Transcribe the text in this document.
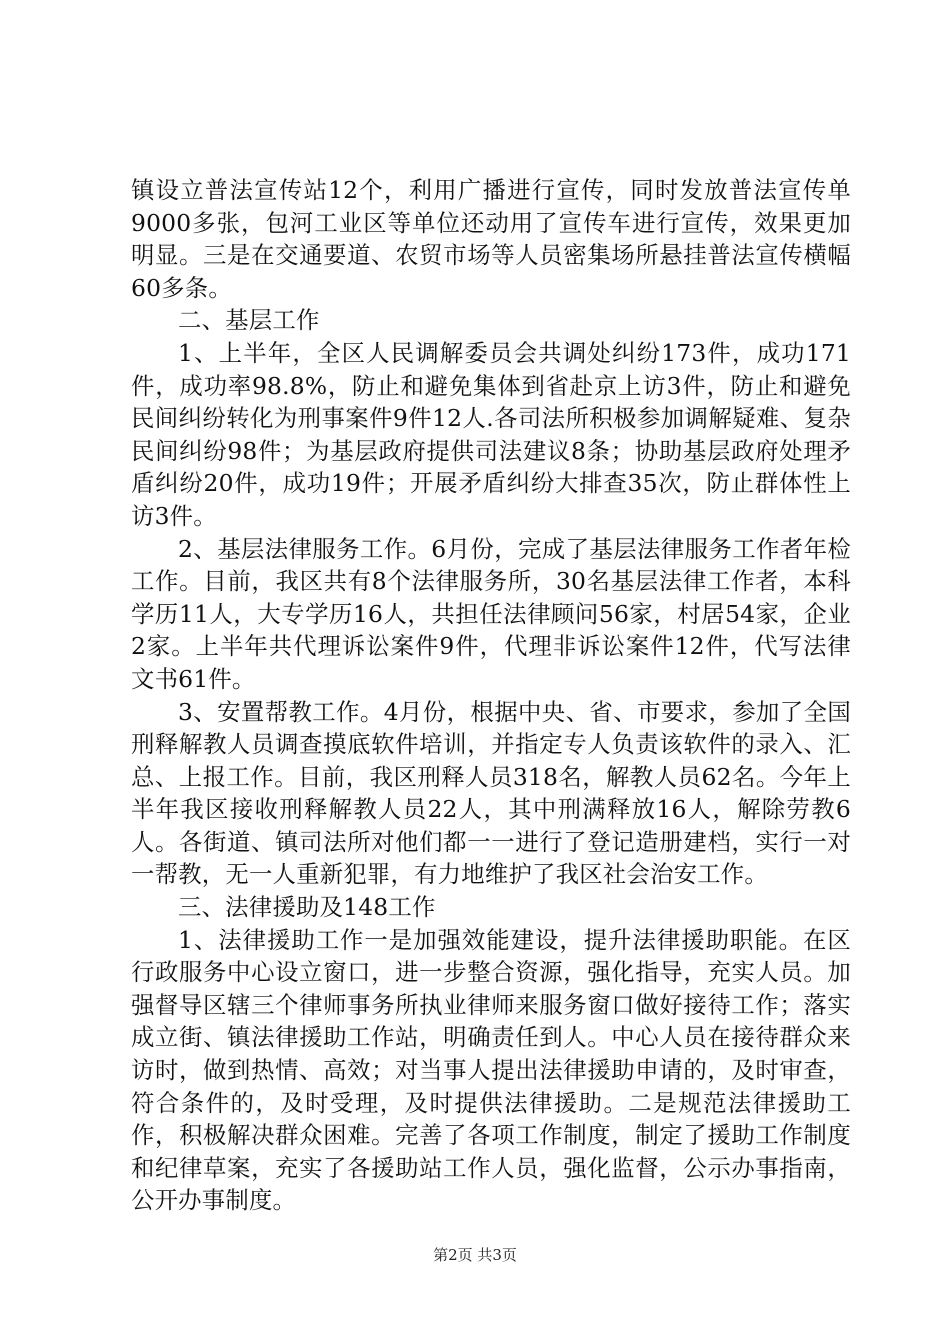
镇设立普法宣传站12个，利用广播进行宣传，同时发放普法宣传单9000多张，包河工业区等单位还动用了宣传车进行宣传，效果更加明显。三是在交通要道、农贸市场等人员密集场所悬挂普法宣传横幅60多条。

二、基层工作

1、上半年，全区人民调解委员会共调处纠纷173件，成功171件，成功率98.8%，防止和避免集体到省赴京上访3件，防止和避免民间纠纷转化为刑事案件9件12人.各司法所积极参加调解疑难、复杂民间纠纷98件；为基层政府提供司法建议8条；协助基层政府处理矛盾纠纷20件，成功19件；开展矛盾纠纷大排查35次，防止群体性上访3件。

2、基层法律服务工作。6月份，完成了基层法律服务工作者年检工作。目前，我区共有8个法律服务所，30名基层法律工作者，本科学历11人，大专学历16人，共担任法律顾问56家，村居54家，企业2家。上半年共代理诉讼案件9件，代理非诉讼案件12件，代写法律文书61件。

3、安置帮教工作。4月份，根据中央、省、市要求，参加了全国刑释解教人员调查摸底软件培训，并指定专人负责该软件的录入、汇总、上报工作。目前，我区刑释人员318名，解教人员62名。今年上半年我区接收刑释解教人员22人，其中刑满释放16人，解除劳教6人。各街道、镇司法所对他们都一一进行了登记造册建档，实行一对一帮教，无一人重新犯罪，有力地维护了我区社会治安工作。

三、法律援助及148工作

1、法律援助工作一是加强效能建设，提升法律援助职能。在区行政服务中心设立窗口，进一步整合资源，强化指导，充实人员。加强督导区辖三个律师事务所执业律师来服务窗口做好接待工作；落实成立街、镇法律援助工作站，明确责任到人。中心人员在接待群众来访时，做到热情、高效；对当事人提出法律援助申请的，及时审查，符合条件的，及时受理，及时提供法律援助。二是规范法律援助工作，积极解决群众困难。完善了各项工作制度，制定了援助工作制度和纪律草案，充实了各援助站工作人员，强化监督，公示办事指南，公开办事制度。

第2页 共3页
